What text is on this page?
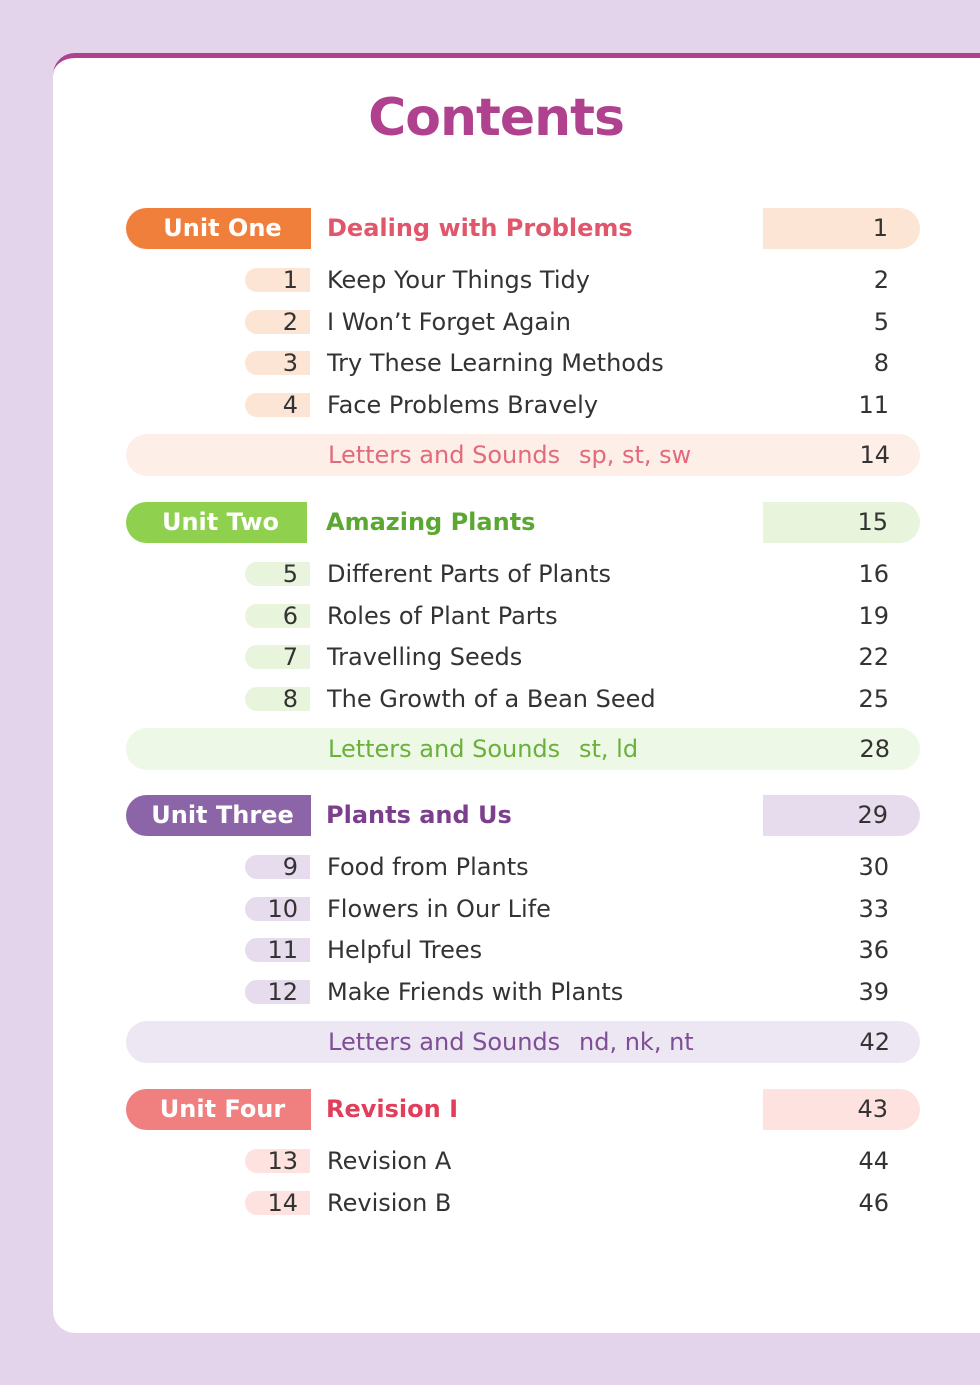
Contents
Unit One	Dealing with Problems	1
1	Keep Your Things Tidy	2
2	I Won’t Forget Again	5
3	Try These Learning Methods	8
4	Face Problems Bravely	11
Letters and Sounds sp, st, sw	14
Unit Two	Amazing Plants	15
5	Different Parts of Plants	16
6	Roles of Plant Parts	19
7	Travelling Seeds	22
8	The Growth of a Bean Seed	25
Letters and Sounds st, ld	28
Unit Three	Plants and Us	29
9	Food from Plants	30
10	Flowers in Our Life	33
11	Helpful Trees	36
12	Make Friends with Plants	39
Letters and Sounds nd, nk, nt	42
Unit Four	Revision I	43
13	Revision A	44
14	Revision B	46
